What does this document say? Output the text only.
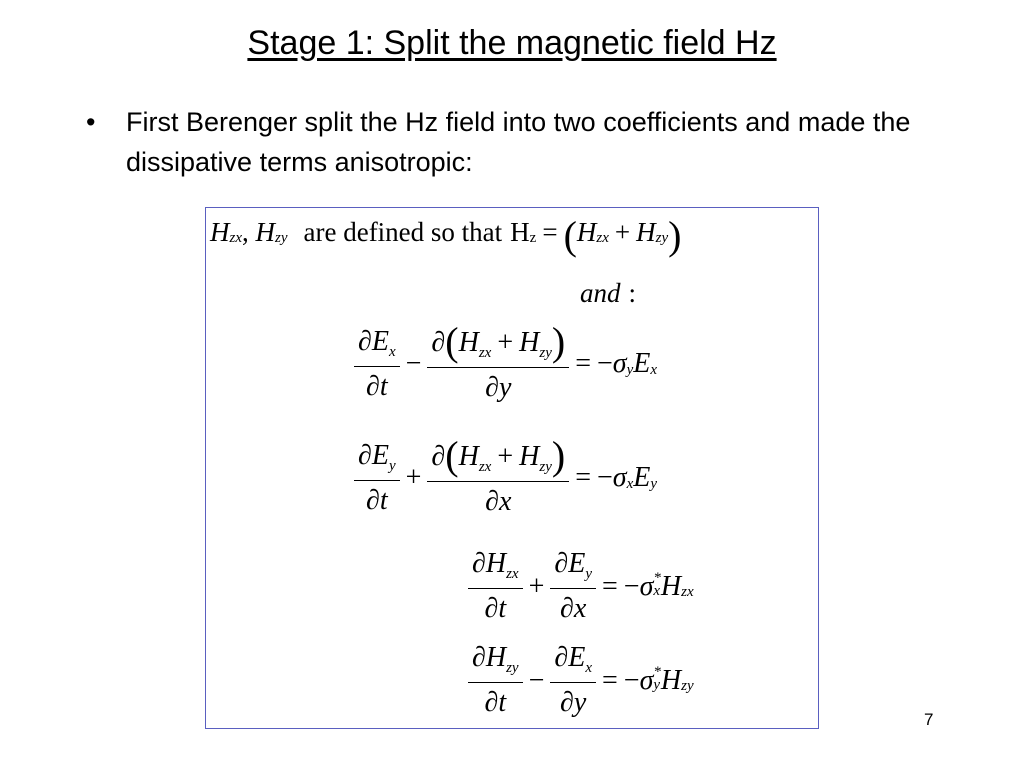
Stage 1: Split the magnetic field Hz
• First Berenger split the Hz field into two coefficients and made the dissipative terms anisotropic:
H zx , H zy are defined so that H z = ( H zx + H zy )
and :
$\frac{\partial E_x}{\partial t} - \frac{\partial(H_{zx} + H_{zy})}{\partial y}$ = − σ y E x
$\frac{\partial E_y}{\partial t} + \frac{\partial(H_{zx} + H_{zy})}{\partial x}$ = − σ x E y
$\frac{\partial H_{zx}}{\partial t} + \frac{\partial E_y}{\partial x}$ = − σ *
x H zx
$\frac{\partial H_{zy}}{\partial t} - \frac{\partial E_x}{\partial y}$ = − σ *
y H zy
7
